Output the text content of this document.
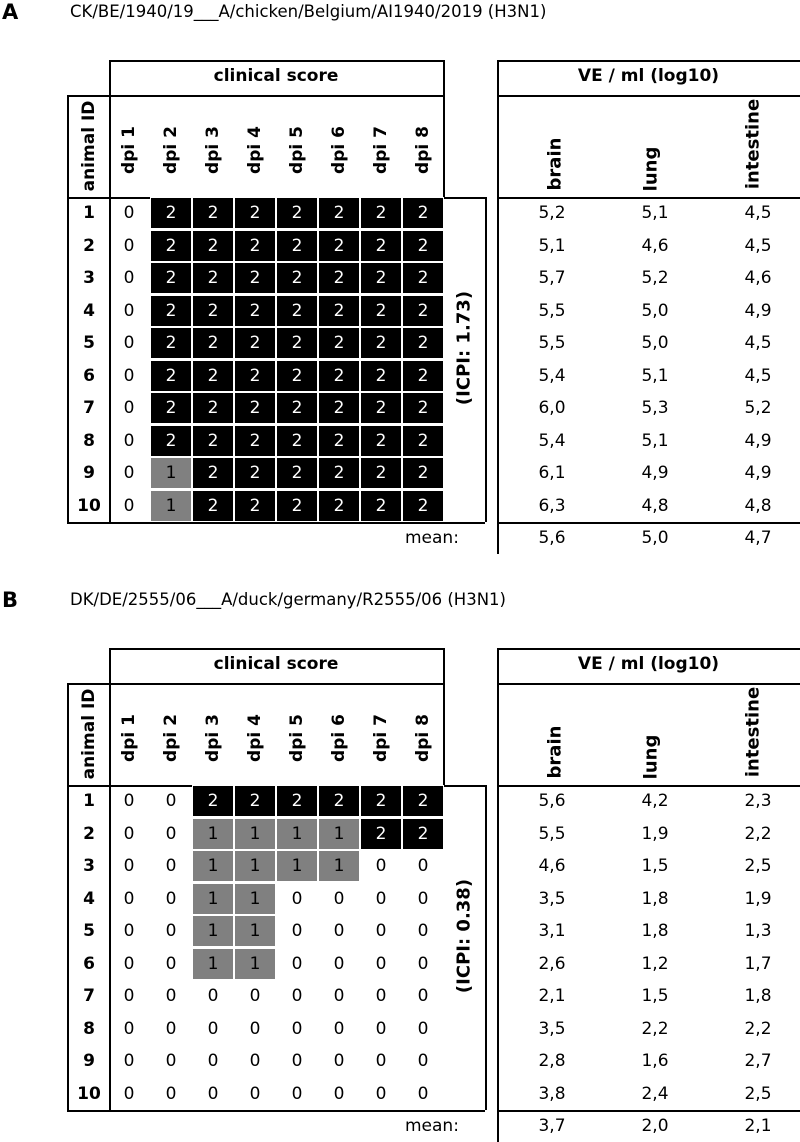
A	CK/BE/1940/19___A/chicken/Belgium/AI1940/2019 (H3N1)
clinical score
animal ID dpi 1 dpi 2 dpi 3 dpi 4 dpi 5 dpi 6 dpi 7 dpi 8
1	0	2	2	2	2	2	2	2	5,2	5,1	4,5
2	0	2	2	2	2	2	2	2	5,1	4,6	4,5
3	0	2	2	2	2	2	2	2	5,7	5,2	4,6
4	0	2	2	2	2	2	2	2	5,5	5,0	4,9
5	0	2	2	2	2	2	2	2	5,5	5,0	4,5
6	0	2	2	2	2	2	2	2	5,4	5,1	4,5
7	0	2	2	2	2	2	2	2	6,0	5,3	5,2
8	0	2	2	2	2	2	2	2	5,4	5,1	4,9
9	0	1	2	2	2	2	2	2	6,1	4,9	4,9
10	0	1	2	2	2	2	2	2	6,3	4,8	4,8
(ICPI: 1.73)
VE / ml (log10)
brain	lung	intestine
mean:	5,6	5,0	4,7
B	DK/DE/2555/06___A/duck/germany/R2555/06 (H3N1)
clinical score
animal ID dpi 1 dpi 2 dpi 3 dpi 4 dpi 5 dpi 6 dpi 7 dpi 8
1	0	0	2	2	2	2	2	2	5,6	4,2	2,3
2	0	0	1	1	1	1	2	2	5,5	1,9	2,2
3	0	0	1	1	1	1	0	0	4,6	1,5	2,5
4	0	0	1	1	0	0	0	0	3,5	1,8	1,9
5	0	0	1	1	0	0	0	0	3,1	1,8	1,3
6	0	0	1	1	0	0	0	0	2,6	1,2	1,7
7	0	0	0	0	0	0	0	0	2,1	1,5	1,8
8	0	0	0	0	0	0	0	0	3,5	2,2	2,2
9	0	0	0	0	0	0	0	0	2,8	1,6	2,7
10	0	0	0	0	0	0	0	0	3,8	2,4	2,5
(ICPI: 0.38)
VE / ml (log10)
brain	lung	intestine
mean:	3,7	2,0	2,1
